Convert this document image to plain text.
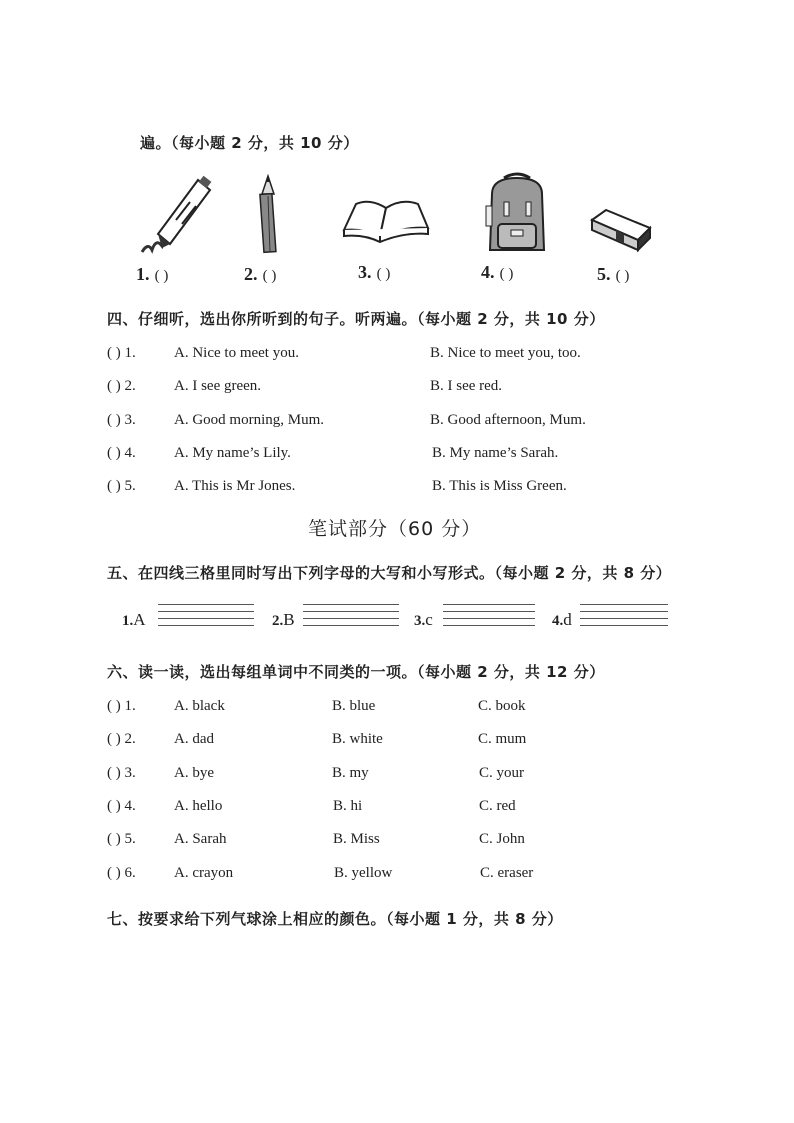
遍。（每小题 2 分，共 10 分）
1. ( )	2. ( )	3. ( )	4. ( )	5. ( )
四、仔细听，选出你所听到的句子。听两遍。（每小题 2 分，共 10 分）
( ) 1.	A. Nice to meet you.	B. Nice to meet you, too.
( ) 2.	A. I see green.	B. I see red.
( ) 3.	A. Good morning, Mum.	B. Good afternoon, Mum.
( ) 4.	A. My name’s Lily.	B. My name’s Sarah.
( ) 5.	A. This is Mr Jones.	B. This is Miss Green.
笔试部分（60 分）
五、在四线三格里同时写出下列字母的大写和小写形式。（每小题 2 分，共 8 分）
1.A	2.B	3.c	4.d
六、读一读，选出每组单词中不同类的一项。（每小题 2 分，共 12 分）
( ) 1.	A. black	B. blue	C. book
( ) 2.	A. dad	B. white	C. mum
( ) 3.	A. bye	B. my	C. your
( ) 4.	A. hello	B. hi	C. red
( ) 5.	A. Sarah	B. Miss	C. John
( ) 6.	A. crayon	B. yellow	C. eraser
七、按要求给下列气球涂上相应的颜色。（每小题 1 分，共 8 分）
